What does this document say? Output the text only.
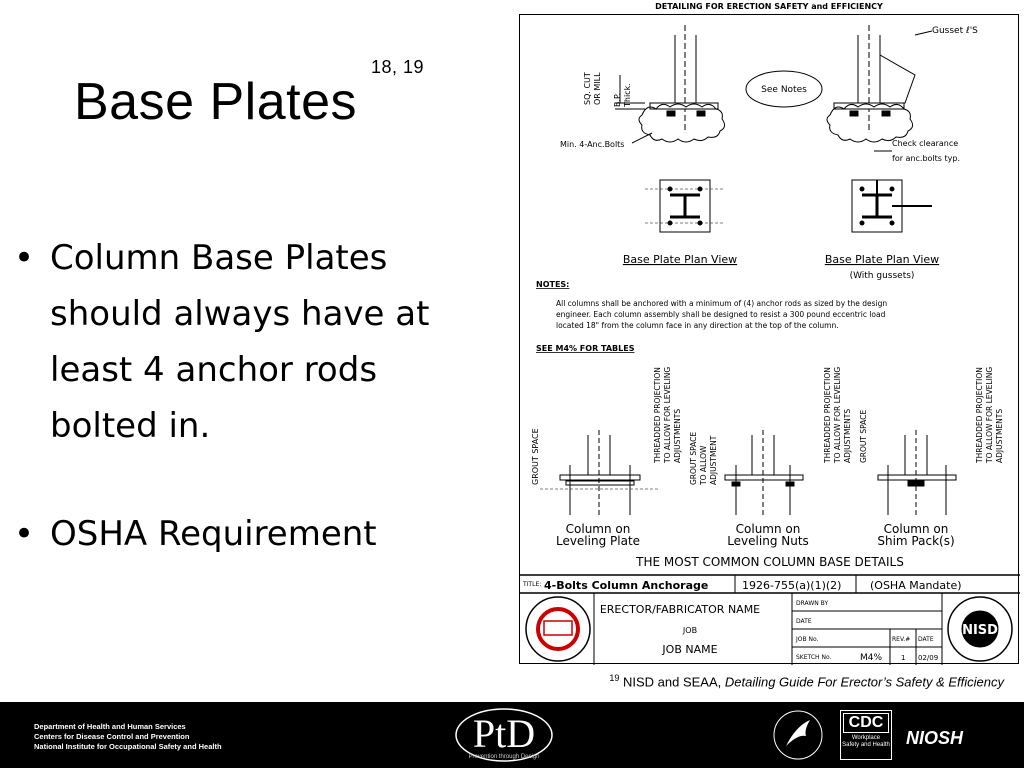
Base Plates$^{18, 19}$
• Column Base Plates should always have at least 4 anchor rods bolted in.
• OSHA Requirement
DETAILING FOR ERECTION SAFETY and EFFICIENCY
See Notes
Gusset ℓ'S
SQ. CUT OR MILL B.P. Thick.
Min. 4-Anc.Bolts	Check clearance
for anc.bolts typ.
Base Plate Plan View	Base Plate Plan View
(With gussets)
NOTES:
All columns shall be anchored with a minimum of (4) anchor rods as sized by the design
engineer. Each column assembly shall be designed to resist a 300 pound eccentric load
located 18" from the column face in any direction at the top of the column.
SEE M4% FOR TABLES
GROUT SPACE	THREADDED PROJECTION TO ALLOW FOR LEVELING ADJUSTMENTS GROUT SPACE TO ALLOW ADJUSTMENT	THREADDED PROJECTION TO ALLOW FOR LEVELING ADJUSTMENTS GROUT SPACE	THREADDED PROJECTION TO ALLOW FOR LEVELING ADJUSTMENTS
Column on
Leveling Plate
Column on
Leveling Nuts
Column on
Shim Pack(s)
THE MOST COMMON COLUMN BASE DETAILS
TITLE: 4-Bolts Column Anchorage	1926-755(a)(1)(2)	(OSHA Mandate)
ERECTOR/FABRICATOR NAME
JOB
JOB NAME
DRAWN BY
DATE
JOB No.	REV.# DATE
SKETCH No.	M4%	1 02/09
NISD
$^{19}$ NISD and SEAA, Detailing Guide For Erector’s Safety & Efficiency
Department of Health and Human Services
Centers for Disease Control and Prevention
National Institute for Occupational Safety and Health	PtD
Prevention through Design
CDC
Workplace
Safety and Health NIOSH
